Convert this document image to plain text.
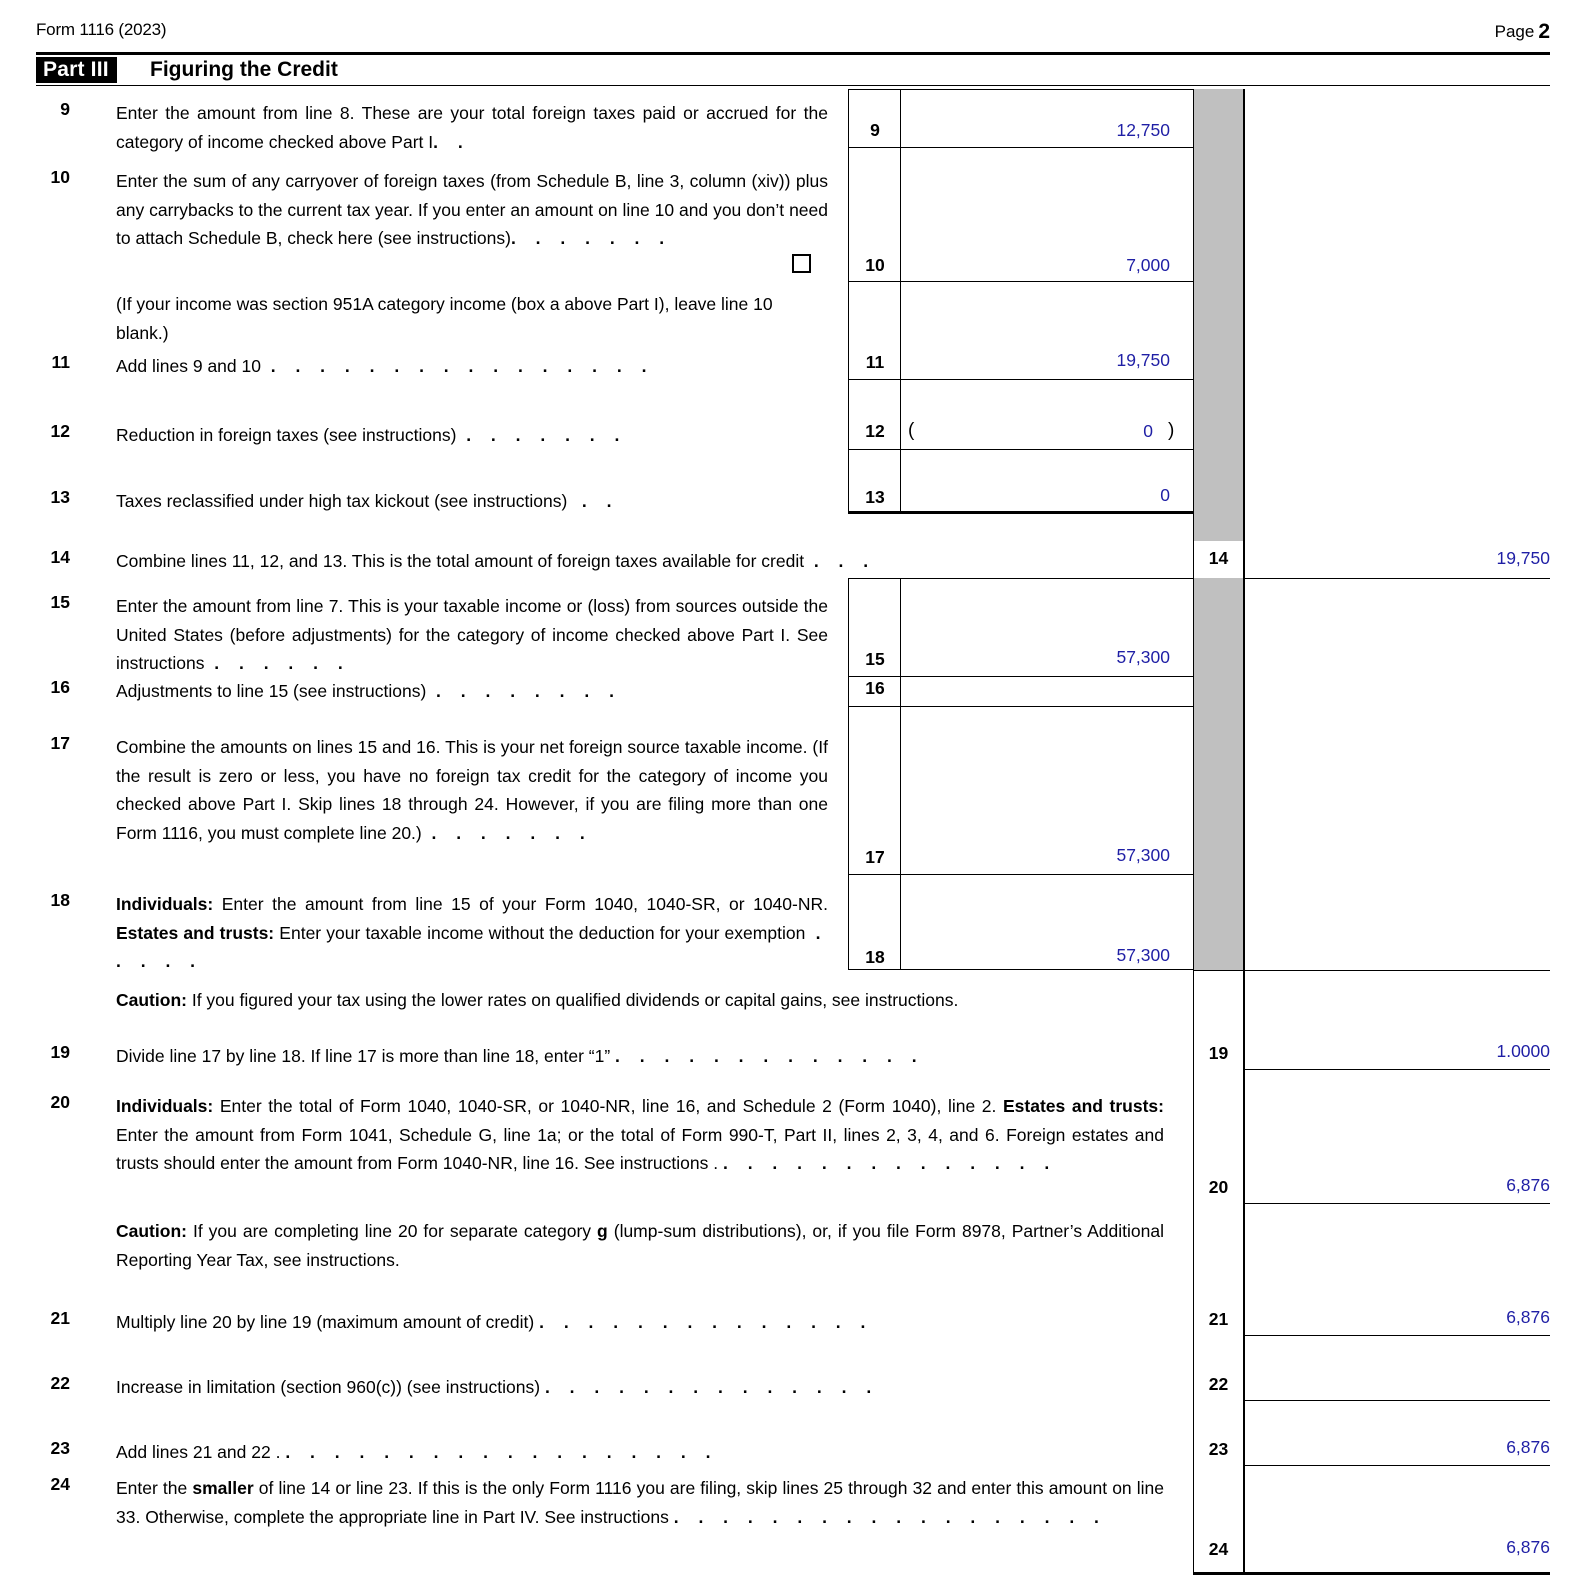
Form 1116 (2023)	Page 2
Part III	Figuring the Credit
9	Enter the amount from line 8. These are your total foreign taxes paid or accrued for the category of income checked above Part I. .
9	12,750
10	Enter the sum of any carryover of foreign taxes (from Schedule B, line 3, column (xiv)) plus any carrybacks to the current tax year. If you enter an amount on line 10 and you don’t need to attach Schedule B, check here (see instructions). . . . . . .
(If your income was section 951A category income (box a above Part I), leave line 10 blank.)
10	7,000
11	Add lines 9 and 10 . . . . . . . . . . . . . . . .	11	19,750
12	Reduction in foreign taxes (see instructions) . . . . . . .	12	(	0 )
13	Taxes reclassified under high tax kickout (see instructions) . .	13	0
14	Combine lines 11, 12, and 13. This is the total amount of foreign taxes available for credit . . .	14	19,750
15	Enter the amount from line 7. This is your taxable income or (loss) from sources outside the United States (before adjustments) for the category of income checked above Part I. See instructions . . . . . .	15	57,300
16	Adjustments to line 15 (see instructions) . . . . . . . .	16
17	Combine the amounts on lines 15 and 16. This is your net foreign source taxable income. (If the result is zero or less, you have no foreign tax credit for the category of income you checked above Part I. Skip lines 18 through 24. However, if you are filing more than one Form 1116, you must complete line 20.) . . . . . . .
17	57,300
18	Individuals: Enter the amount from line 15 of your Form 1040, 1040-SR, or 1040-NR. Estates and trusts: Enter your taxable income without the deduction for your exemption . . . . .	18	57,300
Caution: If you figured your tax using the lower rates on qualified dividends or capital gains, see instructions.
19	Divide line 17 by line 18. If line 17 is more than line 18, enter “1” . . . . . . . . . . . . .	19	1.0000
20	Individuals: Enter the total of Form 1040, 1040-SR, or 1040-NR, line 16, and Schedule 2 (Form 1040), line 2. Estates and trusts: Enter the amount from Form 1041, Schedule G, line 1a; or the total of Form 990-T, Part II, lines 2, 3, 4, and 6. Foreign estates and trusts should enter the amount from Form 1040-NR, line 16. See instructions . . . . . . . . . . . . . . .
20	6,876
Caution: If you are completing line 20 for separate category g (lump-sum distributions), or, if you file Form 8978, Partner’s Additional Reporting Year Tax, see instructions.
21	Multiply line 20 by line 19 (maximum amount of credit) . . . . . . . . . . . . . .	21	6,876
22	Increase in limitation (section 960(c)) (see instructions) . . . . . . . . . . . . . .	22
23	Add lines 21 and 22 . . . . . . . . . . . . . . . . . . .	23	6,876
24	Enter the smaller of line 14 or line 23. If this is the only Form 1116 you are filing, skip lines 25 through 32 and enter this amount on line 33. Otherwise, complete the appropriate line in Part IV. See instructions . . . . . . . . . . . . . . . . . .
24	6,876
